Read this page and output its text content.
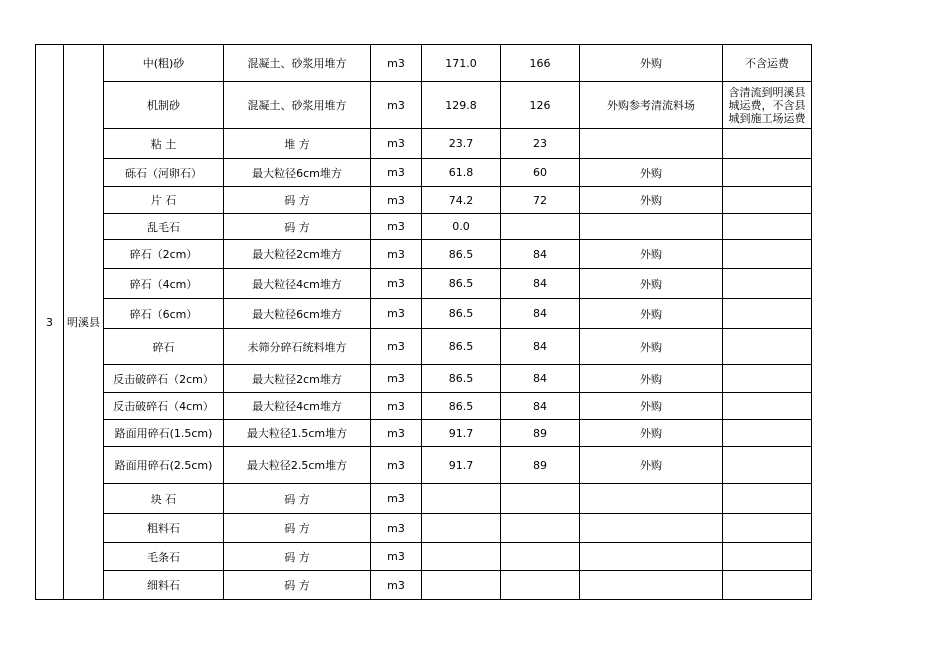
3	明溪县	中(粗)砂	混凝土、砂浆用堆方	m3	171.0	166	外购	不含运费
		机制砂	混凝土、砂浆用堆方	m3	129.8	126	外购参考清流料场	含清流到明溪县城运费，不含县城到施工场运费
		粘 土	堆 方	m3	23.7	23		
		砾石（河卵石）	最大粒径6cm堆方	m3	61.8	60	外购	
		片 石	码 方	m3	74.2	72	外购	
		乱毛石	码 方	m3	0.0			
		碎石（2cm）	最大粒径2cm堆方	m3	86.5	84	外购	
		碎石（4cm）	最大粒径4cm堆方	m3	86.5	84	外购	
		碎石（6cm）	最大粒径6cm堆方	m3	86.5	84	外购	
		碎石	未筛分碎石统料堆方	m3	86.5	84	外购	
		反击破碎石（2cm）	最大粒径2cm堆方	m3	86.5	84	外购	
		反击破碎石（4cm）	最大粒径4cm堆方	m3	86.5	84	外购	
		路面用碎石(1.5cm)	最大粒径1.5cm堆方	m3	91.7	89	外购	
		路面用碎石(2.5cm)	最大粒径2.5cm堆方	m3	91.7	89	外购	
		块 石	码 方	m3				
		粗料石	码 方	m3				
		毛条石	码 方	m3				
		细料石	码 方	m3				
